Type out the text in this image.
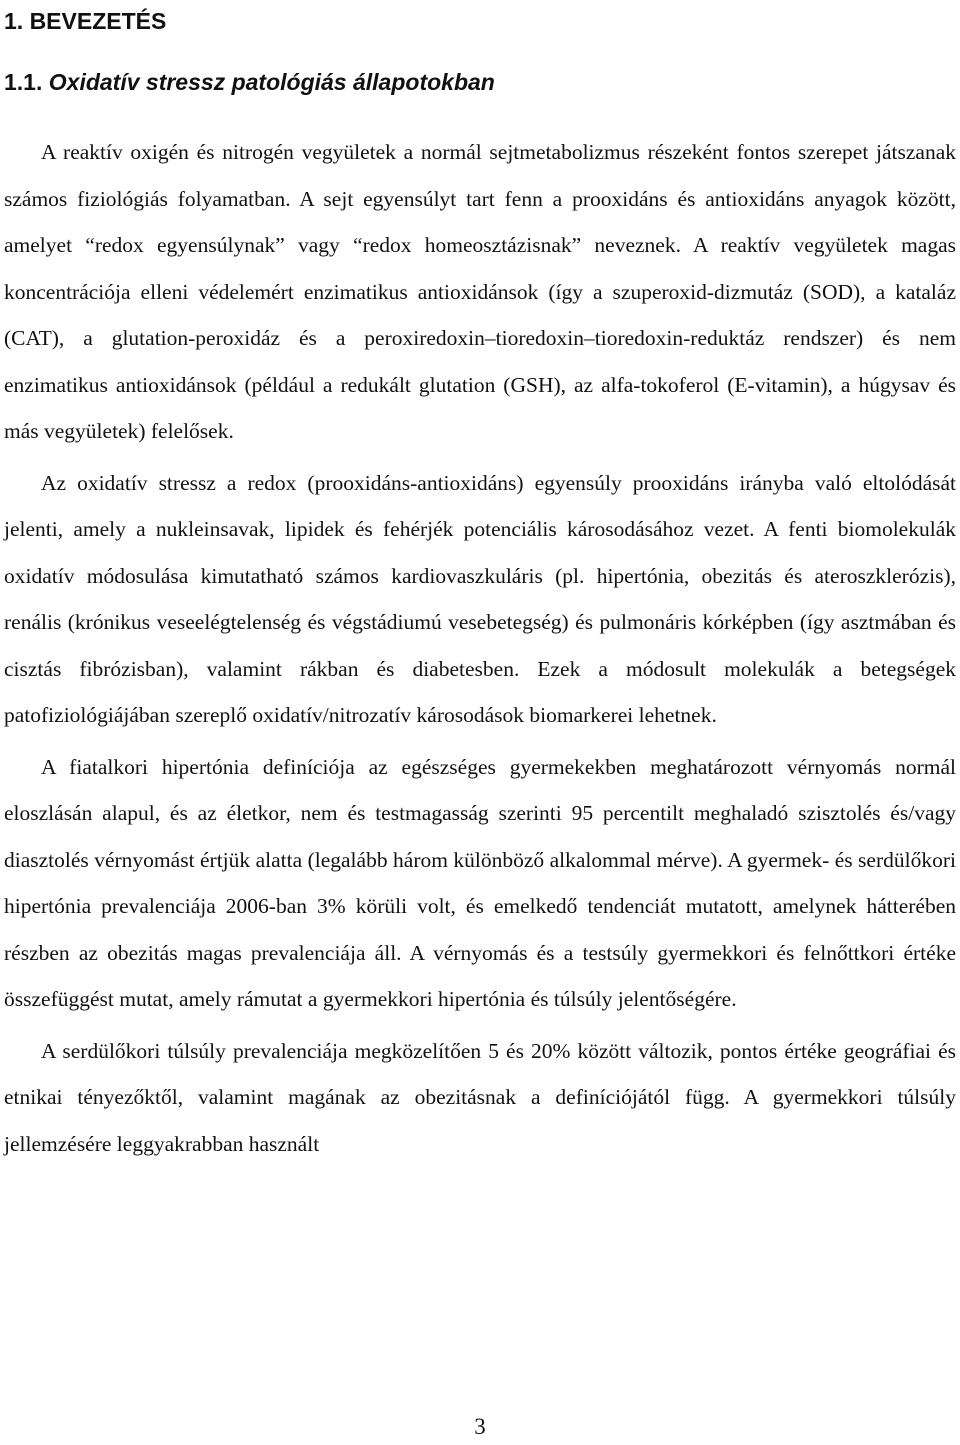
1. BEVEZETÉS
1.1. Oxidatív stressz patológiás állapotokban

A reaktív oxigén és nitrogén vegyületek a normál sejtmetabolizmus részeként fontos szerepet játszanak számos fiziológiás folyamatban. A sejt egyensúlyt tart fenn a prooxidáns és antioxidáns anyagok között, amelyet “redox egyensúlynak” vagy “redox homeosztázisnak” neveznek. A reaktív vegyületek magas koncentrációja elleni védelemért enzimatikus antioxidánsok (így a szuperoxid-dizmutáz (SOD), a kataláz (CAT), a glutation-peroxidáz és a peroxiredoxin–tioredoxin–tioredoxin-reduktáz rendszer) és nem enzimatikus antioxidánsok (például a redukált glutation (GSH), az alfa-tokoferol (E-vitamin), a húgysav és más vegyületek) felelősek.

Az oxidatív stressz a redox (prooxidáns-antioxidáns) egyensúly prooxidáns irányba való eltolódását jelenti, amely a nukleinsavak, lipidek és fehérjék potenciális károsodásához vezet. A fenti biomolekulák oxidatív módosulása kimutatható számos kardiovaszkuláris (pl. hipertónia, obezitás és ateroszklerózis), renális (krónikus veseelégtelenség és végstádiumú vesebetegség) és pulmonáris kórképben (így asztmában és cisztás fibrózisban), valamint rákban és diabetesben. Ezek a módosult molekulák a betegségek patofiziológiájában szereplő oxidatív/nitrozatív károsodások biomarkerei lehetnek.

A fiatalkori hipertónia definíciója az egészséges gyermekekben meghatározott vérnyomás normál eloszlásán alapul, és az életkor, nem és testmagasság szerinti 95 percentilt meghaladó szisztolés és/vagy diasztolés vérnyomást értjük alatta (legalább három különböző alkalommal mérve). A gyermek- és serdülőkori hipertónia prevalenciája 2006-ban 3% körüli volt, és emelkedő tendenciát mutatott, amelynek hátterében részben az obezitás magas prevalenciája áll. A vérnyomás és a testsúly gyermekkori és felnőttkori értéke összefüggést mutat, amely rámutat a gyermekkori hipertónia és túlsúly jelentőségére.

A serdülőkori túlsúly prevalenciája megközelítően 5 és 20% között változik, pontos értéke geográfiai és etnikai tényezőktől, valamint magának az obezitásnak a definíciójától függ. A gyermekkori túlsúly jellemzésére leggyakrabban használt

3
